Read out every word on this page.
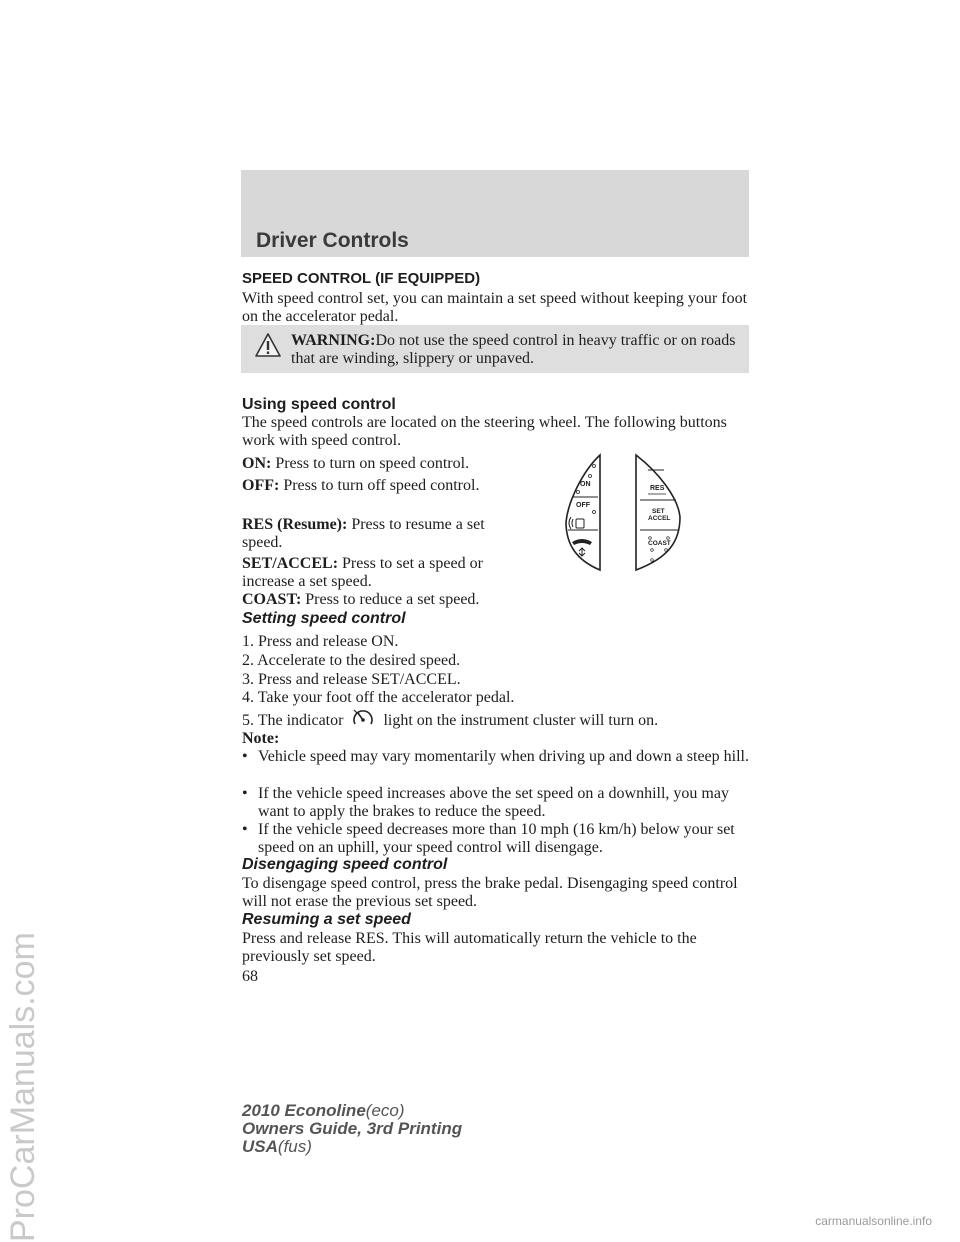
ProCarManuals.com
Driver Controls
SPEED CONTROL (IF EQUIPPED)
With speed control set, you can maintain a set speed without keeping your foot on the accelerator pedal.
WARNING:Do not use the speed control in heavy traffic or on roads that are winding, slippery or unpaved.
Using speed control
The speed controls are located on the steering wheel. The following buttons work with speed control.
ON: Press to turn on speed control.
OFF: Press to turn off speed control.
RES (Resume): Press to resume a set speed.
SET/ACCEL: Press to set a speed or increase a set speed.
COAST: Press to reduce a set speed.
ON
OFF
RES
SET
ACCEL
COAST
Setting speed control
1. Press and release ON.
2. Accelerate to the desired speed.
3. Press and release SET/ACCEL.
4. Take your foot off the accelerator pedal.
5. The indicator	light on the instrument cluster will turn on.
Note:
• Vehicle speed may vary momentarily when driving up and down a steep hill.
• If the vehicle speed increases above the set speed on a downhill, you may want to apply the brakes to reduce the speed.
• If the vehicle speed decreases more than 10 mph (16 km/h) below your set speed on an uphill, your speed control will disengage.
Disengaging speed control
To disengage speed control, press the brake pedal. Disengaging speed control will not erase the previous set speed.
Resuming a set speed
Press and release RES. This will automatically return the vehicle to the previously set speed.
68
2010 Econoline(eco)
Owners Guide, 3rd Printing
USA(fus)
carmanualsonline.info
